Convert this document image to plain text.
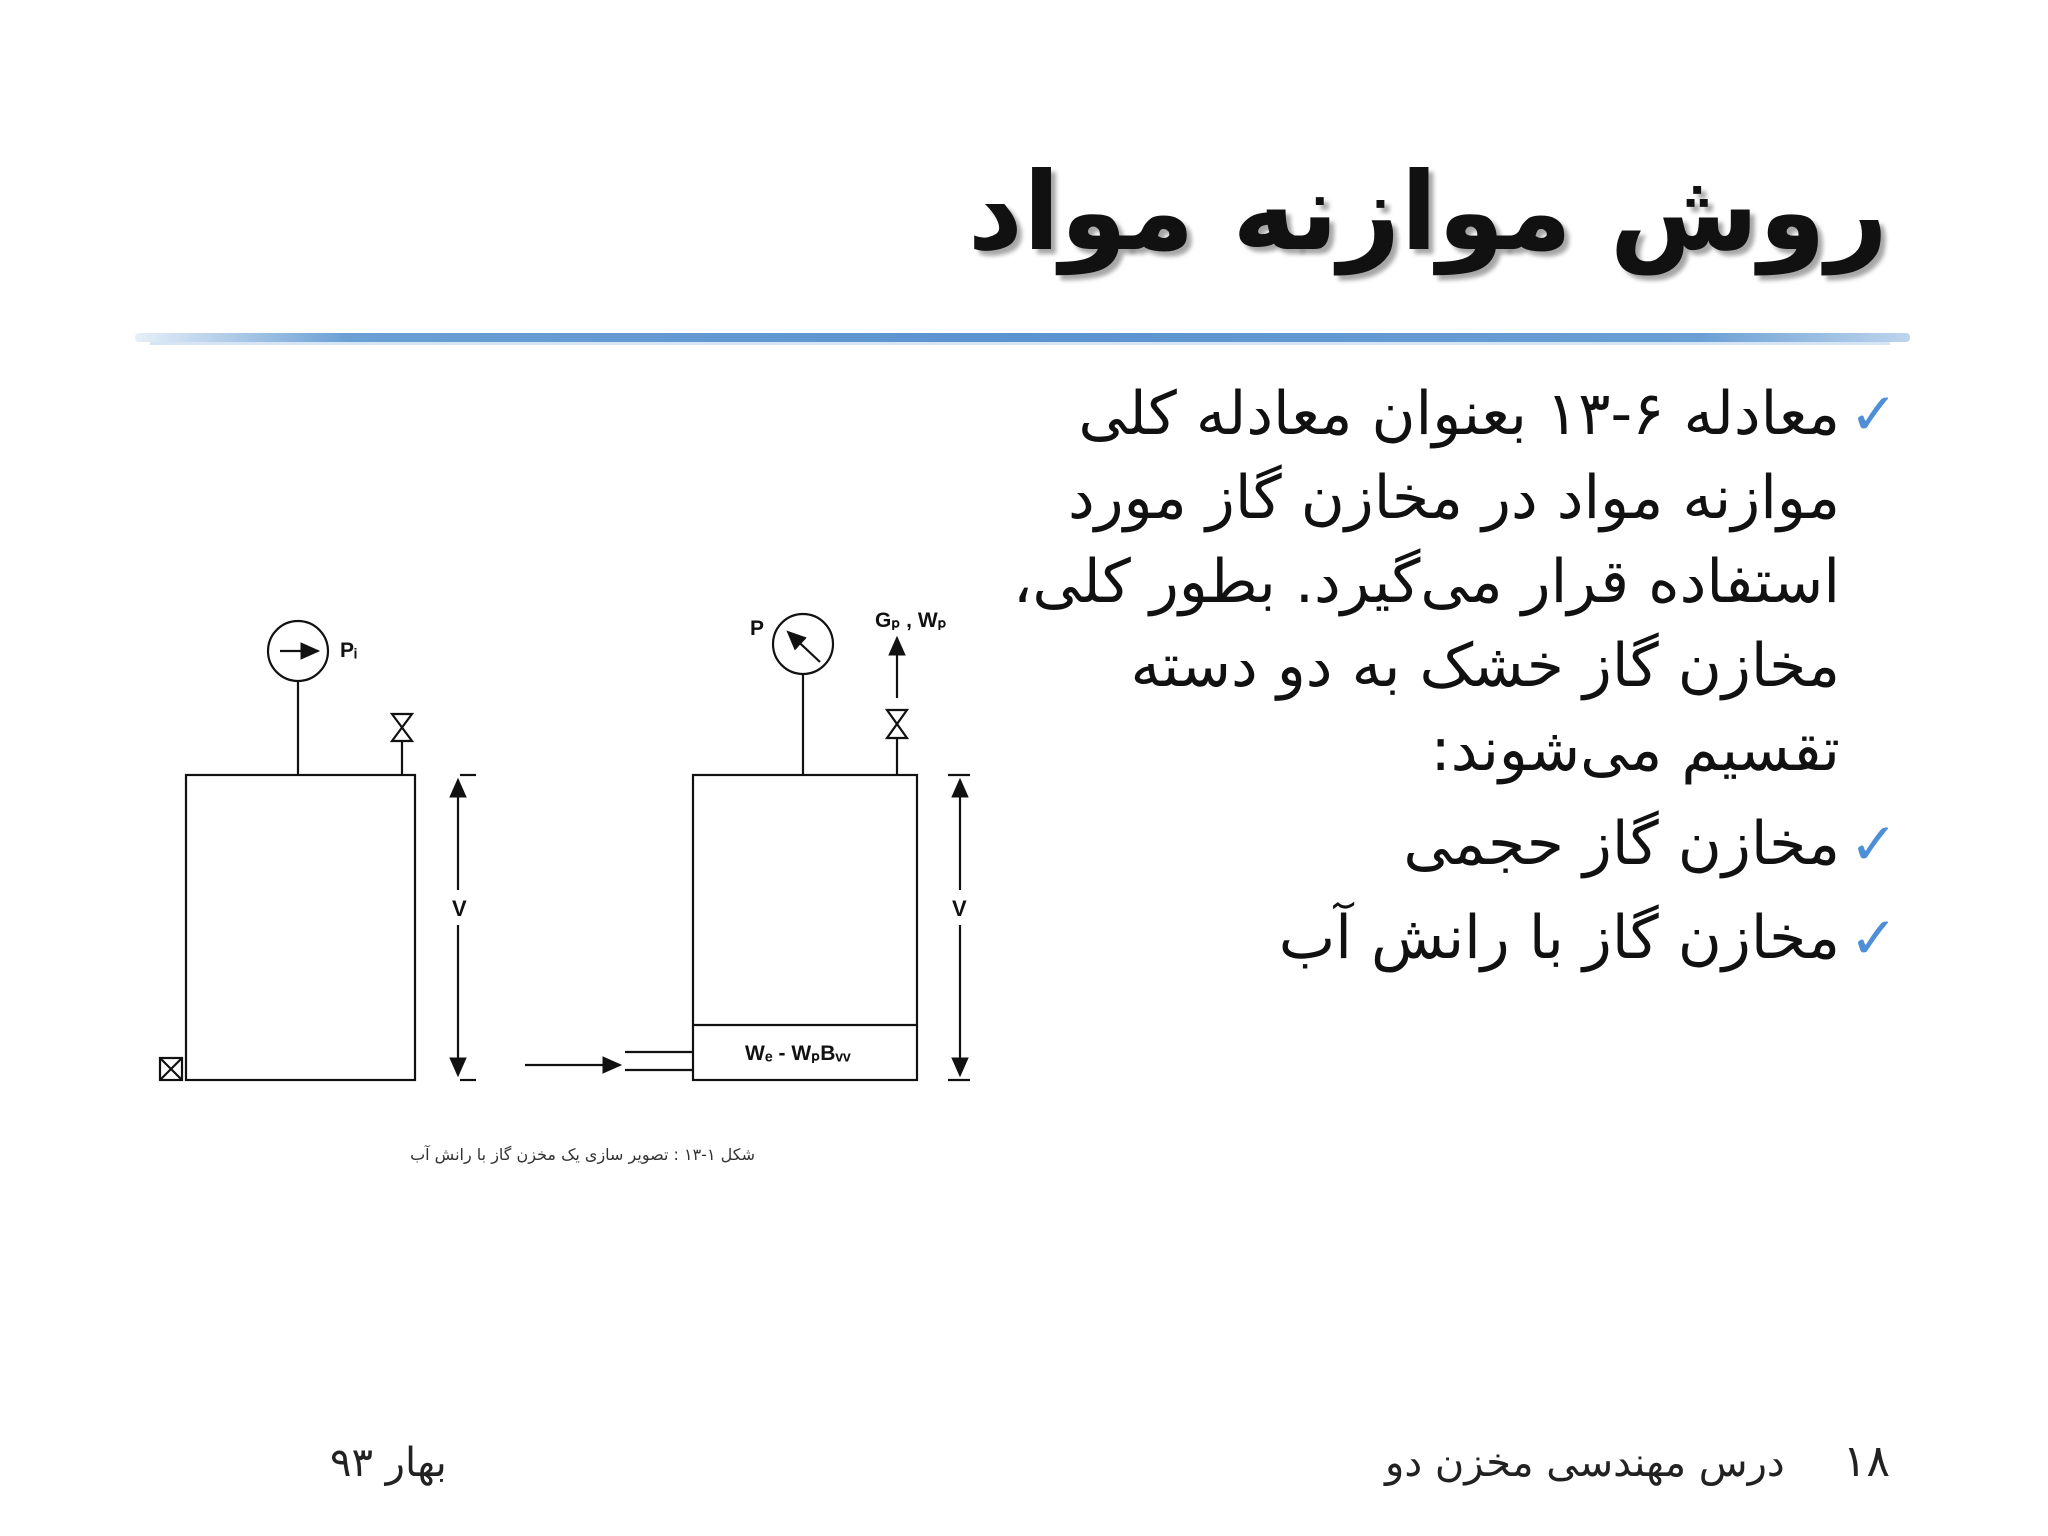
روش موازنه مواد
✓
معادله ۶-۱۳ بعنوان معادله کلی موازنه مواد در مخازن گاز مورد استفاده قرار می‌گیرد. بطور کلی، مخازن گاز خشک به دو دسته تقسیم می‌شوند:
✓
مخازن گاز حجمی
✓
مخازن گاز با رانش آب
Pᵢ
P	Gₚ , Wₚ
V	V
Wₑ - WₚBᵥᵥ
شکل ۱-۱۳ : تصویر سازی یک مخزن گاز با رانش آب
بهار ۹۳	درس مهندسی مخزن دو ۱۸
